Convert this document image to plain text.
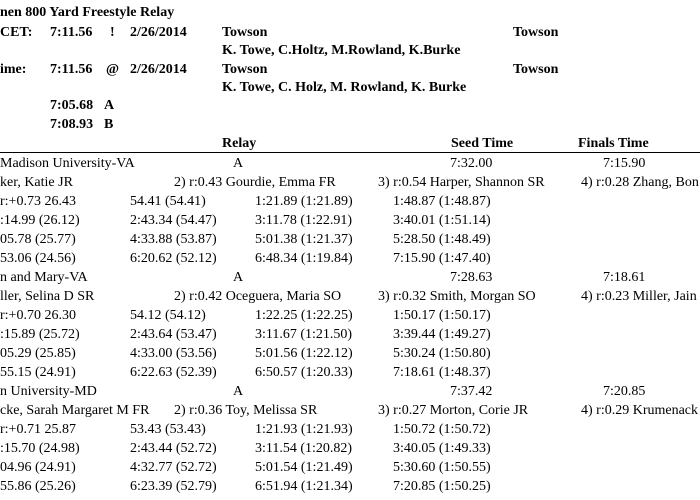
nen 800 Yard Freestyle Relay
CET: 7:11.56 ! 2/26/2014	Towson	Towson
K. Towe, C.Holtz, M.Rowland, K.Burke
ime: 7:11.56 @ 2/26/2014	Towson	Towson
K. Towe, C. Holz, M. Rowland, K. Burke
7:05.68 A
7:08.93 B
Relay	Seed Time	Finals Time
Madison University-VA	A	7:32.00	7:15.90
ker, Katie JR	2) r:0.43 Gourdie, Emma FR	3) r:0.54 Harper, Shannon SR	4) r:0.28 Zhang, Bon
r:+0.73 26.43	54.41 (54.41)	1:21.89 (1:21.89)	1:48.87 (1:48.87)
:14.99 (26.12)	2:43.34 (54.47)	3:11.78 (1:22.91)	3:40.01 (1:51.14)
05.78 (25.77)	4:33.88 (53.87)	5:01.38 (1:21.37)	5:28.50 (1:48.49)
53.06 (24.56)	6:20.62 (52.12)	6:48.34 (1:19.84)	7:15.90 (1:47.40)
n and Mary-VA	A	7:28.63	7:18.61
ller, Selina D SR	2) r:0.42 Oceguera, Maria SO	3) r:0.32 Smith, Morgan SO	4) r:0.23 Miller, Jain
r:+0.70 26.30	54.12 (54.12)	1:22.25 (1:22.25)	1:50.17 (1:50.17)
:15.89 (25.72)	2:43.64 (53.47)	3:11.67 (1:21.50)	3:39.44 (1:49.27)
05.29 (25.85)	4:33.00 (53.56)	5:01.56 (1:22.12)	5:30.24 (1:50.80)
55.15 (24.91)	6:22.63 (52.39)	6:50.57 (1:20.33)	7:18.61 (1:48.37)
n University-MD	A	7:37.42	7:20.85
cke, Sarah Margaret M FR 2) r:0.36 Toy, Melissa SR	3) r:0.27 Morton, Corie JR	4) r:0.29 Krumenack
r:+0.71 25.87	53.43 (53.43)	1:21.93 (1:21.93)	1:50.72 (1:50.72)
:15.70 (24.98)	2:43.44 (52.72)	3:11.54 (1:20.82)	3:40.05 (1:49.33)
04.96 (24.91)	4:32.77 (52.72)	5:01.54 (1:21.49)	5:30.60 (1:50.55)
55.86 (25.26)	6:23.39 (52.79)	6:51.94 (1:21.34)	7:20.85 (1:50.25)
